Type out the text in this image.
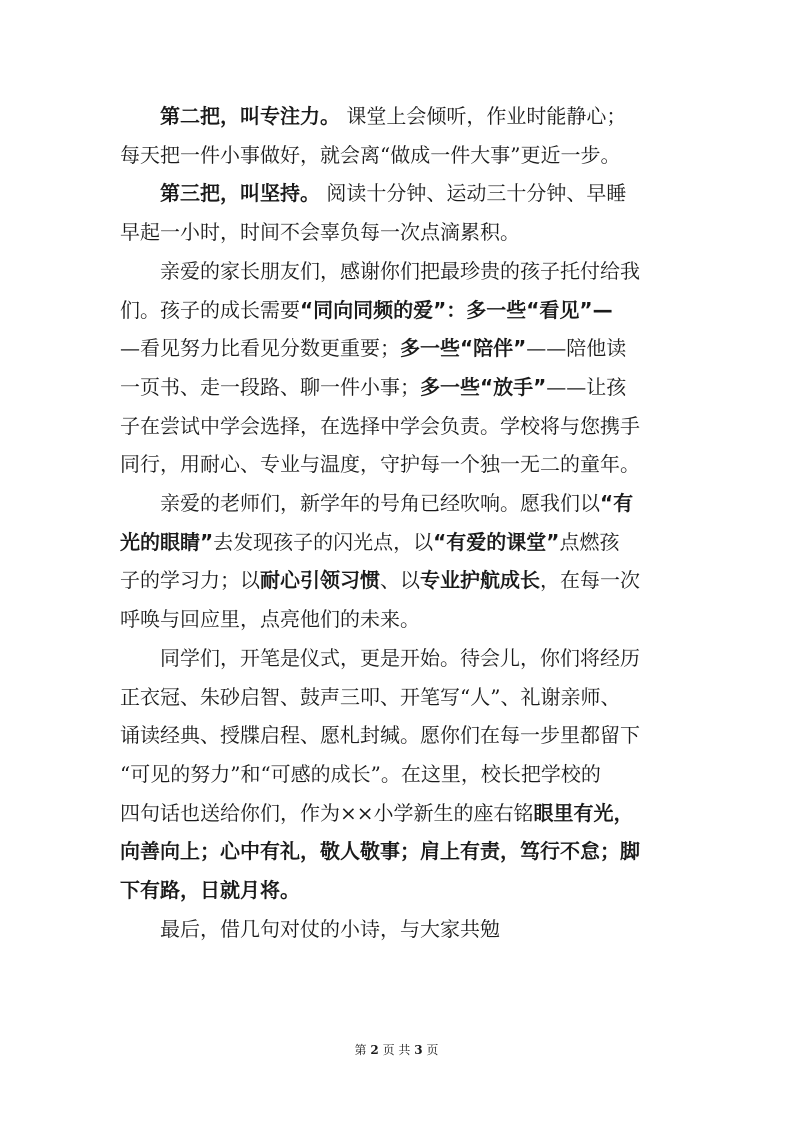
第二把，叫专注力。 课堂上会倾听，作业时能静心；
每天把一件小事做好，就会离“做成一件大事”更近一步。
第三把，叫坚持。 阅读十分钟、运动三十分钟、早睡
早起一小时，时间不会辜负每一次点滴累积。
亲爱的家长朋友们，感谢你们把最珍贵的孩子托付给我
们。孩子的成长需要“同向同频的爱”：多一些“看见”—
—看见努力比看见分数更重要；多一些“陪伴”——陪他读
一页书、走一段路、聊一件小事；多一些“放手”——让孩
子在尝试中学会选择，在选择中学会负责。学校将与您携手
同行，用耐心、专业与温度，守护每一个独一无二的童年。
亲爱的老师们，新学年的号角已经吹响。愿我们以“有
光的眼睛”去发现孩子的闪光点，以“有爱的课堂”点燃孩
子的学习力；以耐心引领习惯、以专业护航成长，在每一次
呼唤与回应里，点亮他们的未来。
同学们，开笔是仪式，更是开始。待会儿，你们将经历
正衣冠、朱砂启智、鼓声三叩、开笔写“人”、礼谢亲师、
诵读经典、授牒启程、愿札封缄。愿你们在每一步里都留下
“可见的努力”和“可感的成长”。在这里，校长把学校的
四句话也送给你们，作为××小学新生的座右铭眼里有光，
向善向上；心中有礼，敬人敬事；肩上有责，笃行不怠；脚
下有路，日就月将。
最后，借几句对仗的小诗，与大家共勉
第 2 页 共 3 页
